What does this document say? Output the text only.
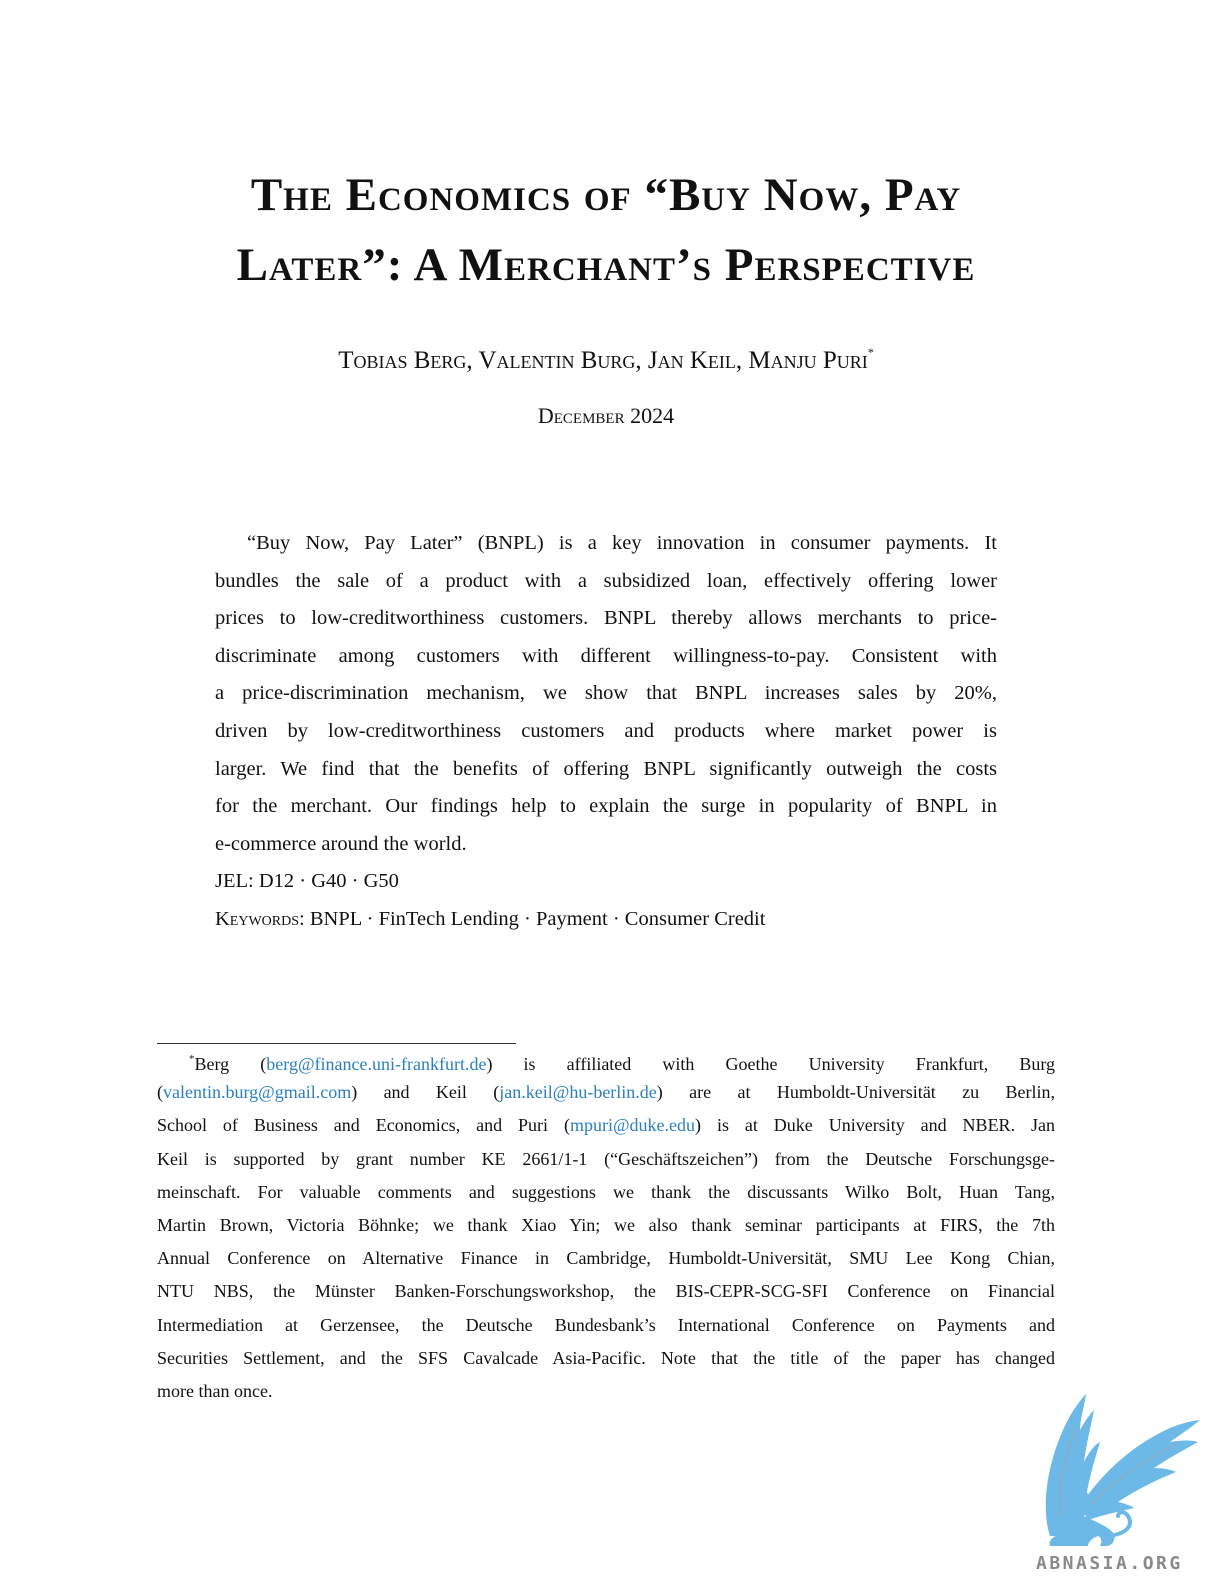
The Economics of “Buy Now, Pay
Later”: A Merchant’s Perspective
Tobias Berg, Valentin Burg, Jan Keil, Manju Puri*
December 2024
“Buy Now, Pay Later” (BNPL) is a key innovation in consumer payments. It
bundles the sale of a product with a subsidized loan, effectively offering lower
prices to low-creditworthiness customers. BNPL thereby allows merchants to price-
discriminate among customers with different willingness-to-pay. Consistent with
a price-discrimination mechanism, we show that BNPL increases sales by 20%,
driven by low-creditworthiness customers and products where market power is
larger. We find that the benefits of offering BNPL significantly outweigh the costs
for the merchant. Our findings help to explain the surge in popularity of BNPL in
e-commerce around the world.
JEL: D12 · G40 · G50
Keywords: BNPL · FinTech Lending · Payment · Consumer Credit
*Berg (berg@finance.uni-frankfurt.de) is affiliated with Goethe University Frankfurt, Burg
(valentin.burg@gmail.com) and Keil (jan.keil@hu-berlin.de) are at Humboldt-Universität zu Berlin,
School of Business and Economics, and Puri (mpuri@duke.edu) is at Duke University and NBER. Jan
Keil is supported by grant number KE 2661/1-1 (“Geschäftszeichen”) from the Deutsche Forschungsge-
meinschaft. For valuable comments and suggestions we thank the discussants Wilko Bolt, Huan Tang,
Martin Brown, Victoria Böhnke; we thank Xiao Yin; we also thank seminar participants at FIRS, the 7th
Annual Conference on Alternative Finance in Cambridge, Humboldt-Universität, SMU Lee Kong Chian,
NTU NBS, the Münster Banken-Forschungsworkshop, the BIS-CEPR-SCG-SFI Conference on Financial
Intermediation at Gerzensee, the Deutsche Bundesbank’s International Conference on Payments and
Securities Settlement, and the SFS Cavalcade Asia-Pacific. Note that the title of the paper has changed
more than once.
ABNASIA.ORG
